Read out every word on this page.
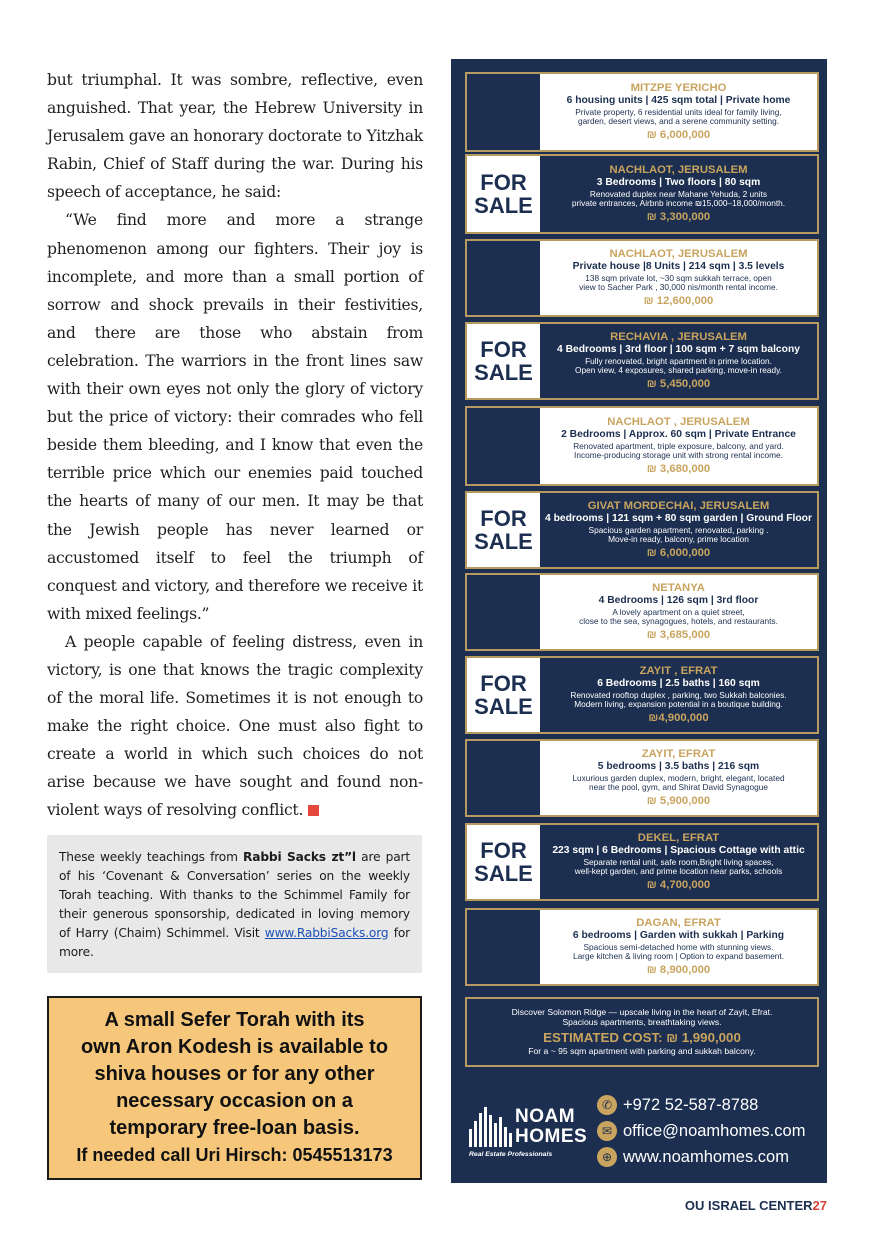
but triumphal. It was sombre, reflective, even anguished. That year, the Hebrew University in Jerusalem gave an honorary doctorate to Yitzhak Rabin, Chief of Staff during the war. During his speech of acceptance, he said:

“We find more and more a strange phenomenon among our fighters. Their joy is incomplete, and more than a small portion of sorrow and shock prevails in their festivities, and there are those who abstain from celebration. The warriors in the front lines saw with their own eyes not only the glory of victory but the price of victory: their comrades who fell beside them bleeding, and I know that even the terrible price which our enemies paid touched the hearts of many of our men. It may be that the Jewish people has never learned or accustomed itself to feel the triumph of conquest and victory, and therefore we receive it with mixed feelings.”

A people capable of feeling distress, even in victory, is one that knows the tragic complexity of the moral life. Sometimes it is not enough to make the right choice. One must also fight to create a world in which such choices do not arise because we have sought and found non-violent ways of resolving conflict.

These weekly teachings from Rabbi Sacks zt”l are part of his ‘Covenant & Conversation’ series on the weekly Torah teaching. With thanks to the Schimmel Family for their generous sponsorship, dedicated in loving memory of Harry (Chaim) Schimmel. Visit www.RabbiSacks.org for more.

A small Sefer Torah with its
own Aron Kodesh is available to
shiva houses or for any other
necessary occasion on a
temporary free-loan basis.
If needed call Uri Hirsch: 0545513173
FOR
SALE
MITZPE YERICHO
6 housing units | 425 sqm total | Private home
Private property, 6 residential units ideal for family living,
garden, desert views, and a serene community setting.
₪ 6,000,000
FOR
SALE
NACHLAOT, JERUSALEM
3 Bedrooms | Two floors | 80 sqm
Renovated duplex near Mahane Yehuda, 2 units
private entrances, Airbnb income ₪15,000–18,000/month.
₪ 3,300,000
FOR
SALE
NACHLAOT, JERUSALEM
Private house |8 Units | 214 sqm | 3.5 levels
138 sqm private lot, ~30 sqm sukkah terrace, open
view to Sacher Park , 30,000 nis/month rental income.
₪ 12,600,000
FOR
SALE
RECHAVIA , JERUSALEM
4 Bedrooms | 3rd floor | 100 sqm + 7 sqm balcony
Fully renovated, bright apartment in prime location.
Open view, 4 exposures, shared parking, move-in ready.
₪ 5,450,000
FOR
SALE
NACHLAOT , JERUSALEM
2 Bedrooms | Approx. 60 sqm | Private Entrance
Renovated apartment, triple exposure, balcony, and yard.
Income-producing storage unit with strong rental income.
₪ 3,680,000
FOR
SALE
GIVAT MORDECHAI, JERUSALEM
4 bedrooms | 121 sqm + 80 sqm garden | Ground Floor
Spacious garden apartment, renovated, parking .
Move-in ready, balcony, prime location
₪ 6,000,000
FOR
SALE
NETANYA
4 Bedrooms | 126 sqm | 3rd floor
A lovely apartment on a quiet street,
close to the sea, synagogues, hotels, and restaurants.
₪ 3,685,000
FOR
SALE
ZAYIT , EFRAT
6 Bedrooms | 2.5 baths | 160 sqm
Renovated rooftop duplex , parking, two Sukkah balconies.
Modern living, expansion potential in a boutique building.
₪4,900,000
FOR
SALE
ZAYIT, EFRAT
5 bedrooms | 3.5 baths | 216 sqm
Luxurious garden duplex, modern, bright, elegant, located
near the pool, gym, and Shirat David Synagogue
₪ 5,900,000
FOR
SALE
DEKEL, EFRAT
223 sqm | 6 Bedrooms | Spacious Cottage with attic
Separate rental unit, safe room,Bright living spaces,
well-kept garden, and prime location near parks, schools
₪ 4,700,000
FOR
SALE
DAGAN, EFRAT
6 bedrooms | Garden with sukkah | Parking
Spacious semi-detached home with stunning views.
Large kitchen & living room | Option to expand basement.
₪ 8,900,000
Discover Solomon Ridge — upscale living in the heart of Zayit, Efrat.
Spacious apartments, breathtaking views.
ESTIMATED COST: ₪ 1,990,000
For a ~ 95 sqm apartment with parking and sukkah balcony.
NOAM
HOMES
Real Estate Professionals
✆ +972 52-587-8788
✉ office@noamhomes.com
⊕ www.noamhomes.com
OU ISRAEL CENTER27
